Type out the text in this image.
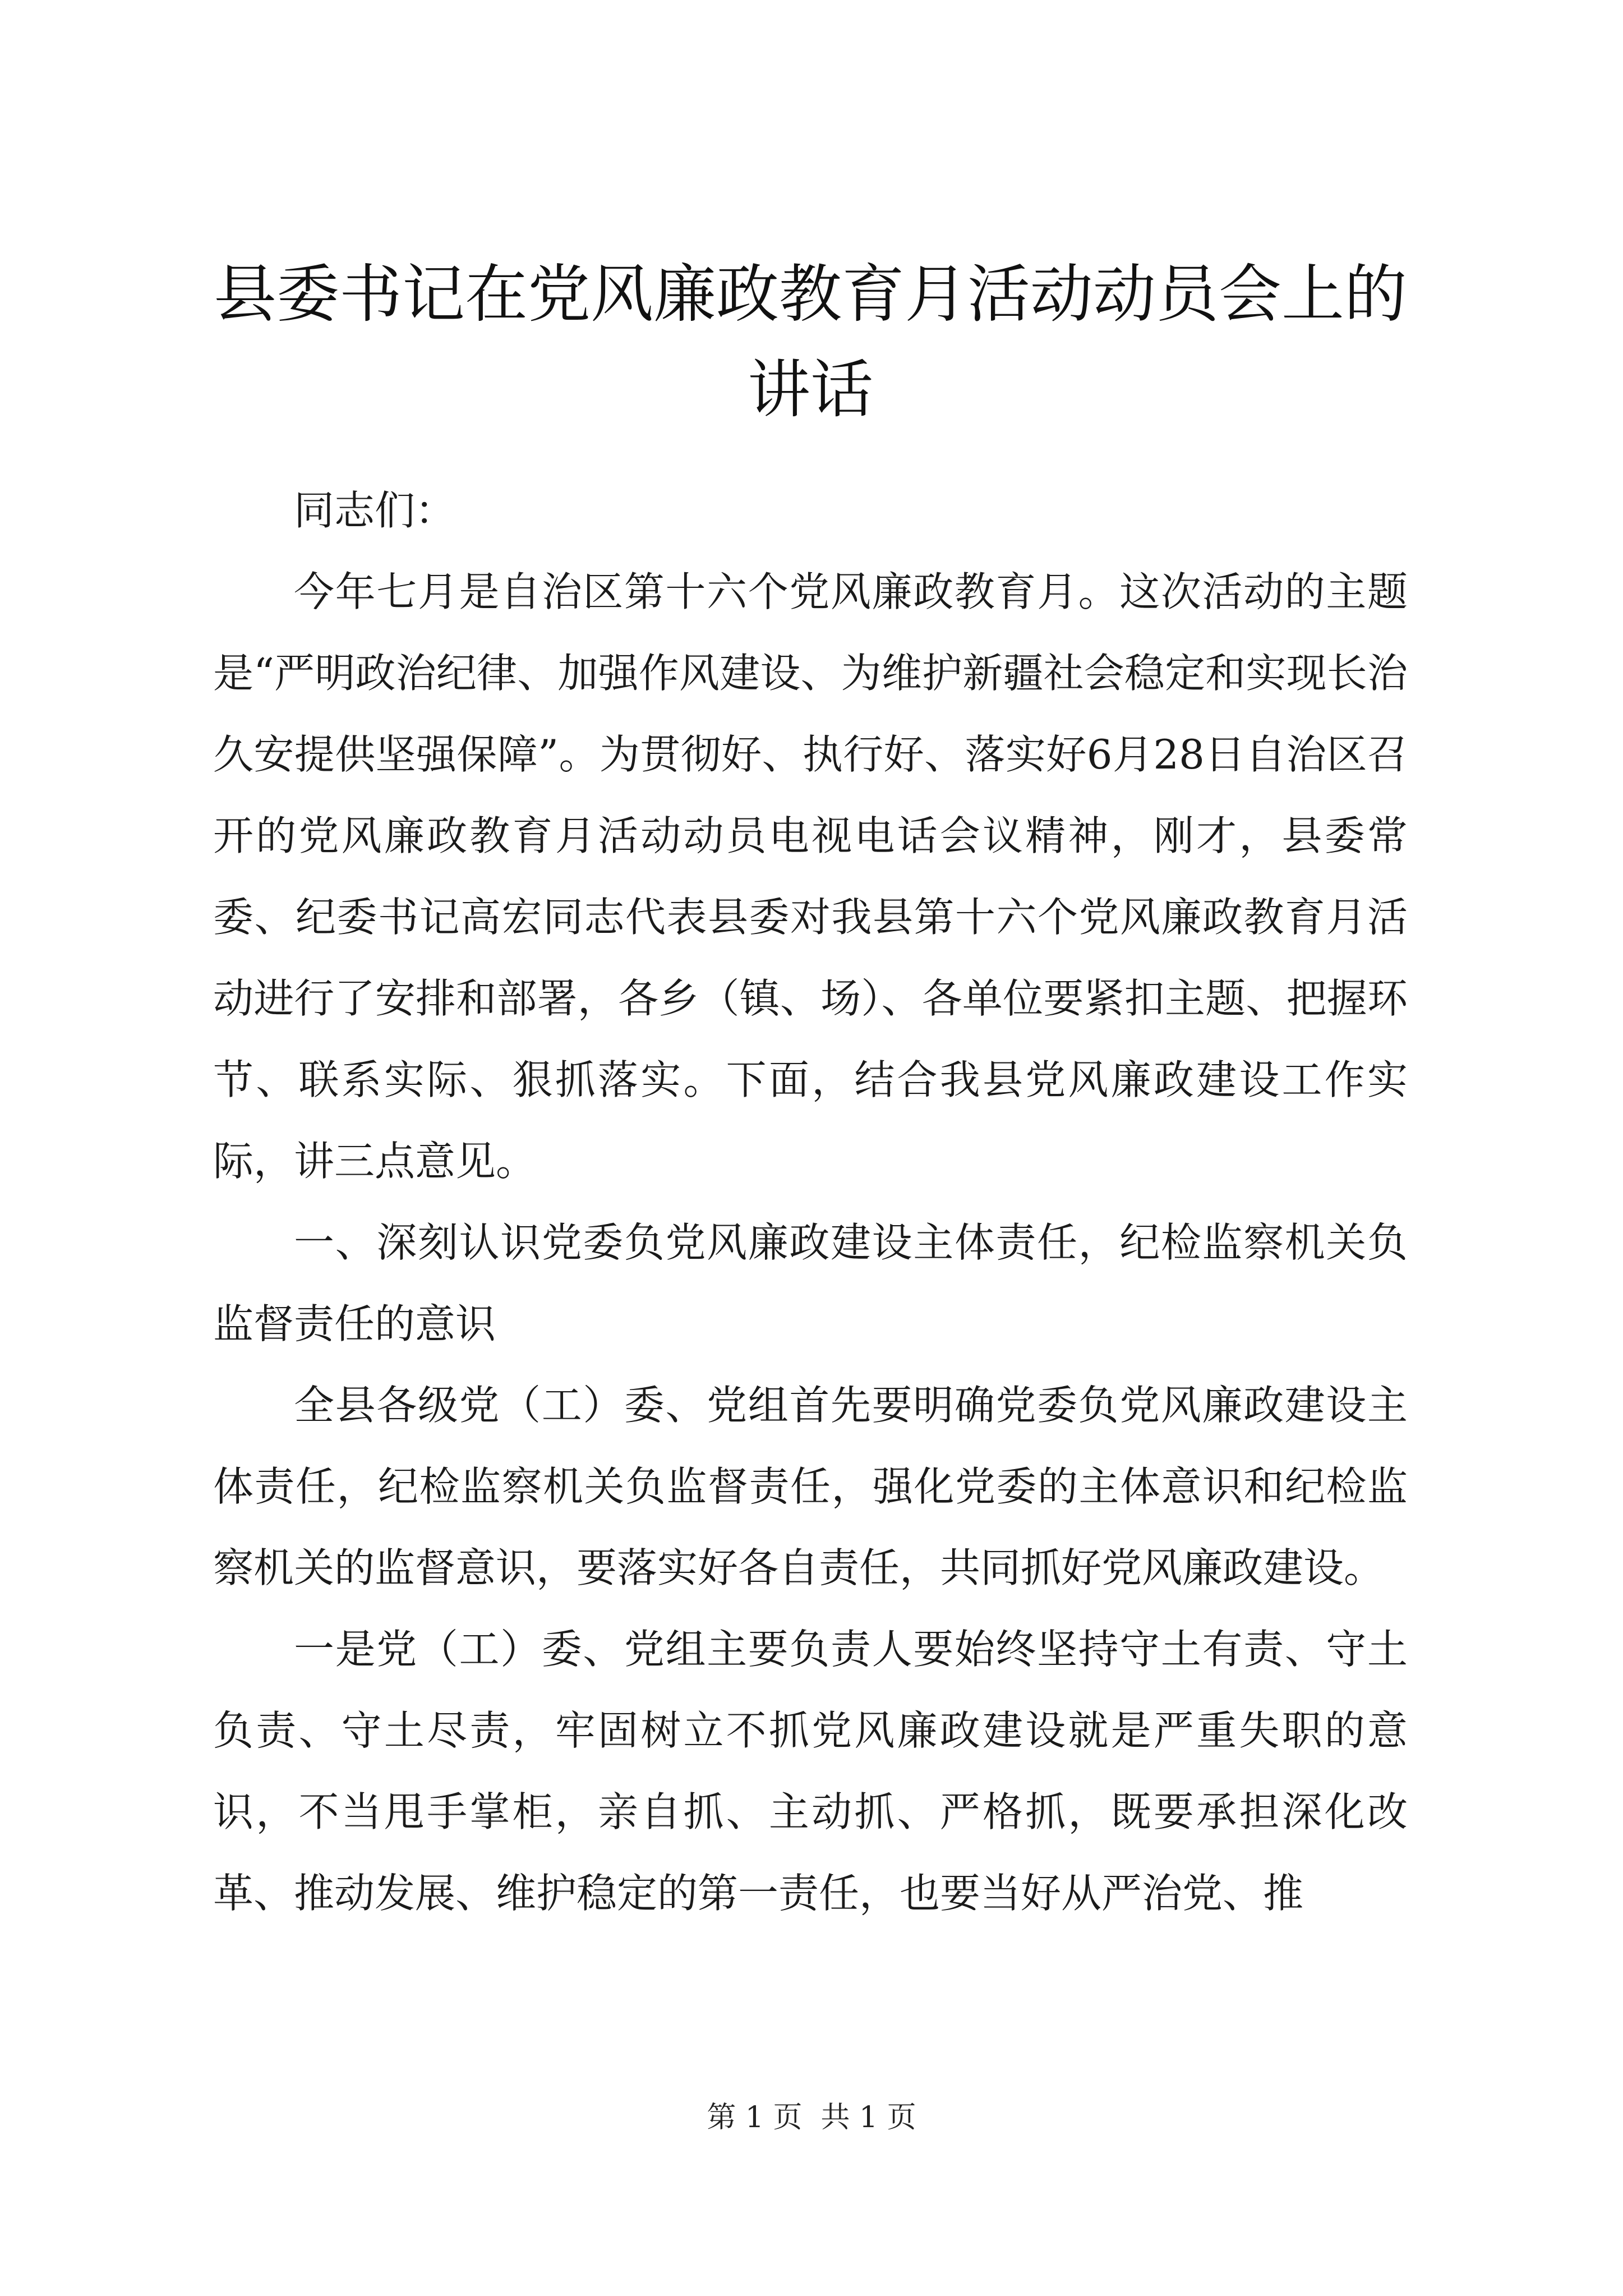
县委书记在党风廉政教育月活动动员会上的讲话

同志们：

今年七月是自治区第十六个党风廉政教育月。这次活动的主题是“严明政治纪律、加强作风建设、为维护新疆社会稳定和实现长治久安提供坚强保障”。为贯彻好、执行好、落实好6月28日自治区召开的党风廉政教育月活动动员电视电话会议精神，刚才，县委常委、纪委书记高宏同志代表县委对我县第十六个党风廉政教育月活动进行了安排和部署，各乡（镇、场）、各单位要紧扣主题、把握环节、联系实际、狠抓落实。下面，结合我县党风廉政建设工作实际，讲三点意见。

一、深刻认识党委负党风廉政建设主体责任，纪检监察机关负监督责任的意识

全县各级党（工）委、党组首先要明确党委负党风廉政建设主体责任，纪检监察机关负监督责任，强化党委的主体意识和纪检监察机关的监督意识，要落实好各自责任，共同抓好党风廉政建设。

一是党（工）委、党组主要负责人要始终坚持守土有责、守土负责、守土尽责，牢固树立不抓党风廉政建设就是严重失职的意识，不当甩手掌柜，亲自抓、主动抓、严格抓，既要承担深化改革、推动发展、维护稳定的第一责任，也要当好从严治党、推

第 1 页  共 1 页
